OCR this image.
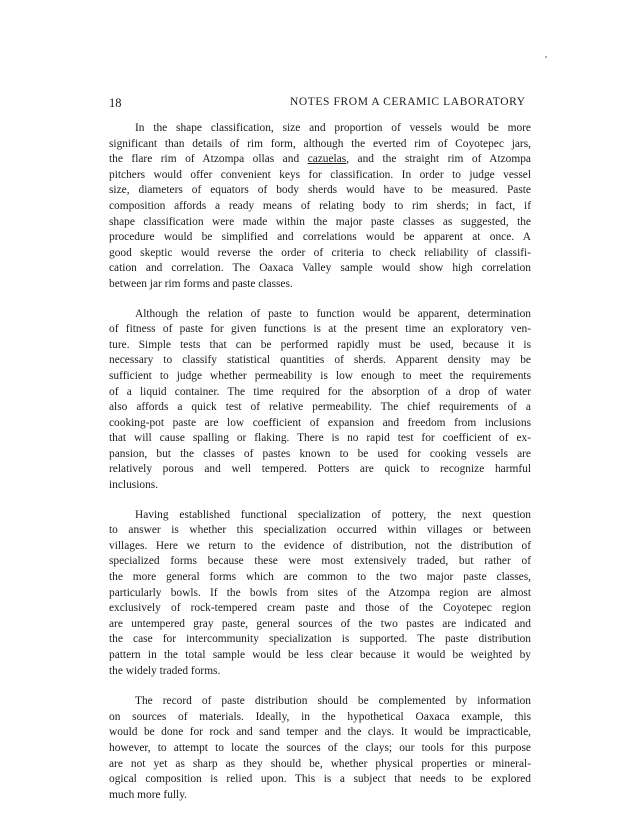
18	NOTES FROM A CERAMIC LABORATORY
In the shape classification, size and proportion of vessels would be more
significant than details of rim form, although the everted rim of Coyotepec jars,
the flare rim of Atzompa ollas and cazuelas, and the straight rim of Atzompa
pitchers would offer convenient keys for classification. In order to judge vessel
size, diameters of equators of body sherds would have to be measured. Paste
composition affords a ready means of relating body to rim sherds; in fact, if
shape classification were made within the major paste classes as suggested, the
procedure would be simplified and correlations would be apparent at once. A
good skeptic would reverse the order of criteria to check reliability of classifi-
cation and correlation. The Oaxaca Valley sample would show high correlation
between jar rim forms and paste classes.
Although the relation of paste to function would be apparent, determination
of fitness of paste for given functions is at the present time an exploratory ven-
ture. Simple tests that can be performed rapidly must be used, because it is
necessary to classify statistical quantities of sherds. Apparent density may be
sufficient to judge whether permeability is low enough to meet the requirements
of a liquid container. The time required for the absorption of a drop of water
also affords a quick test of relative permeability. The chief requirements of a
cooking-pot paste are low coefficient of expansion and freedom from inclusions
that will cause spalling or flaking. There is no rapid test for coefficient of ex-
pansion, but the classes of pastes known to be used for cooking vessels are
relatively porous and well tempered. Potters are quick to recognize harmful
inclusions.
Having established functional specialization of pottery, the next question
to answer is whether this specialization occurred within villages or between
villages. Here we return to the evidence of distribution, not the distribution of
specialized forms because these were most extensively traded, but rather of
the more general forms which are common to the two major paste classes,
particularly bowls. If the bowls from sites of the Atzompa region are almost
exclusively of rock-tempered cream paste and those of the Coyotepec region
are untempered gray paste, general sources of the two pastes are indicated and
the case for intercommunity specialization is supported. The paste distribution
pattern in the total sample would be less clear because it would be weighted by
the widely traded forms.
The record of paste distribution should be complemented by information
on sources of materials. Ideally, in the hypothetical Oaxaca example, this
would be done for rock and sand temper and the clays. It would be impracticable,
however, to attempt to locate the sources of the clays; our tools for this purpose
are not yet as sharp as they should be, whether physical properties or mineral-
ogical composition is relied upon. This is a subject that needs to be explored
much more fully.
